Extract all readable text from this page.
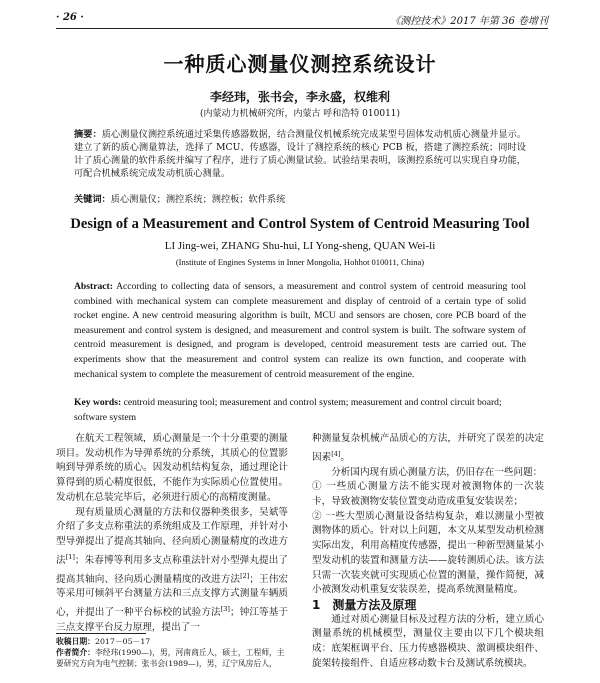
· 26 ·	《测控技术》2017 年第 36 卷增刊
一种质心测量仪测控系统设计
李经玮，张书会，李永盛，权维利
(内蒙动力机械研究所，内蒙古 呼和浩特 010011)
摘要：质心测量仪测控系统通过采集传感器数据，结合测量仪机械系统完成某型号固体发动机质心测量并显示。建立了新的质心测量算法，选择了 MCU、传感器，设计了测控系统的核心 PCB 板，搭建了测控系统；同时设计了质心测量的软件系统并编写了程序，进行了质心测量试验。试验结果表明，该测控系统可以实现自身功能，可配合机械系统完成发动机质心测量。
关键词：质心测量仪；测控系统；测控板；软件系统
Design of a Measurement and Control System of Centroid Measuring Tool
LI Jing-wei, ZHANG Shu-hui, LI Yong-sheng, QUAN Wei-li
(Institute of Engines Systems in Inner Mongolia, Hohhot 010011, China)
Abstract: According to collecting data of sensors, a measurement and control system of centroid measuring tool combined with mechanical system can complete measurement and display of centroid of a certain type of solid rocket engine. A new centroid measuring algorithm is built, MCU and sensors are chosen, core PCB board of the measurement and control system is designed, and measurement and control system is built. The software system of centroid measurement is designed, and program is developed, centroid measurement tests are carried out. The experiments show that the measurement and control system can realize its own function, and cooperate with mechanical system to complete the measurement of centroid measurement of the engine.
Key words: centroid measuring tool; measurement and control system; measurement and control circuit board; software system

在航天工程领域，质心测量是一个十分重要的测量项目。发动机作为导弹系统的分系统，其质心的位置影响到导弹系统的质心。因发动机结构复杂，通过理论计算得到的质心精度很低，不能作为实际质心位置使用。发动机在总装完毕后，必须进行质心的高精度测量。

现有质量质心测量的方法和仪器种类很多，吴斌等介绍了多支点称重法的系统组成及工作原理，并针对小型导弹提出了提高其轴向、径向质心测量精度的改进方法[1]；朱春博等利用多支点称重法针对小型弹丸提出了提高其轴向、径向质心测量精度的改进方法[2]；王伟宏等采用可倾斜平台测量方法和三点支撑方式测量车辆质心，并提出了一种平台标校的试验方法[3]；钟江等基于三点支撑平台反力原理，提出了一

收稿日期：2017－05－17
作者简介：李经玮(1990—)，男，河南商丘人，硕士，工程师，主要研究方向为电气控制；张书会(1989—)，男，辽宁凤房后人，

种测量复杂机械产品质心的方法，并研究了误差的决定因素[4]。

分析国内现有质心测量方法，仍旧存在一些问题：

① 一些质心测量方法不能实现对被测物体的一次装卡，导致被测物安装位置变动造成重复安装误差；

② 一些大型质心测量设备结构复杂，难以测量小型被测物体的质心。针对以上问题，本文从某型发动机检测实际出发，利用高精度传感器，提出一种新型测量某小型发动机的装置和测量方法——旋转测质心法。该方法只需一次装夹就可实现质心位置的测量，操作简便，减小被测发动机重复安装误差，提高系统测量精度。

1　测量方法及原理

通过对质心测量目标及过程方法的分析，建立质心测量系统的机械模型，测量仪主要由以下几个模块组成：底架框调平台、压力传感器模块、激调模块组件、旋架转接组件、自适应移动数卡台及测试系统模块。
